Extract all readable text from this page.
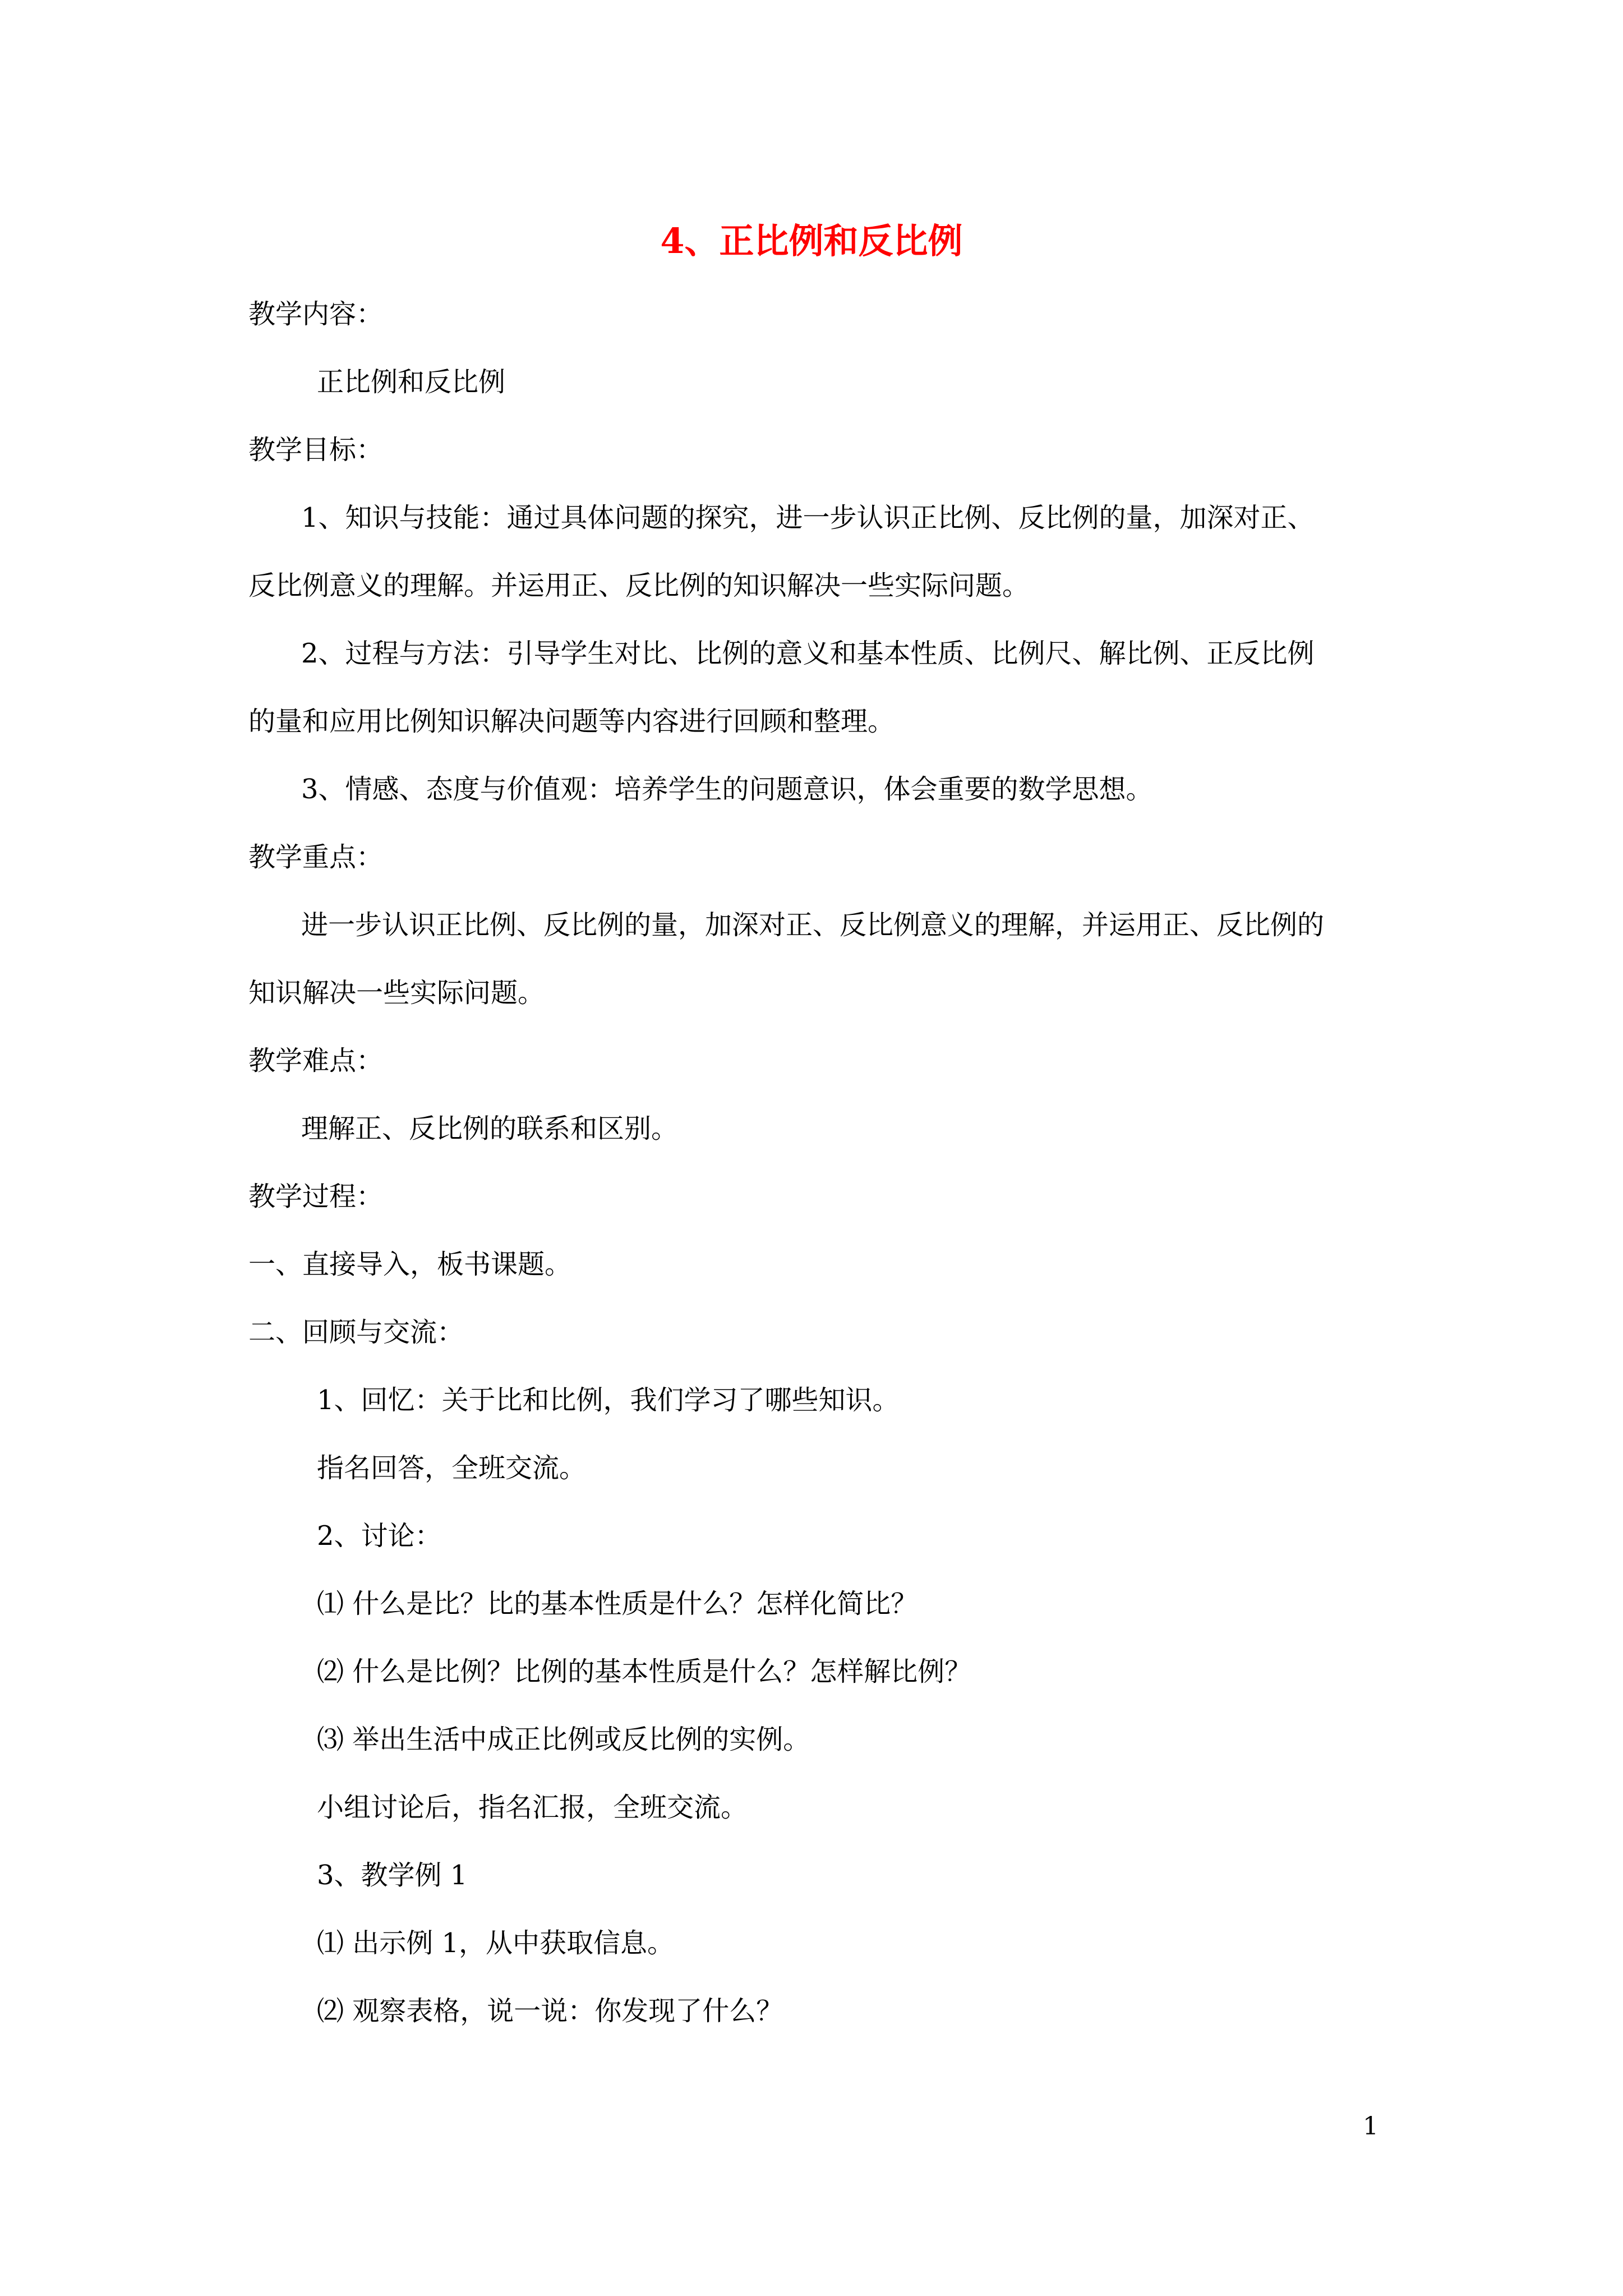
4、正比例和反比例
教学内容：
正比例和反比例
教学目标：
1、知识与技能：通过具体问题的探究，进一步认识正比例、反比例的量，加深对正、
反比例意义的理解。并运用正、反比例的知识解决一些实际问题。
2、过程与方法：引导学生对比、比例的意义和基本性质、比例尺、解比例、正反比例
的量和应用比例知识解决问题等内容进行回顾和整理。
3、情感、态度与价值观：培养学生的问题意识，体会重要的数学思想。
教学重点：
进一步认识正比例、反比例的量，加深对正、反比例意义的理解，并运用正、反比例的
知识解决一些实际问题。
教学难点：
理解正、反比例的联系和区别。
教学过程：
一、直接导入，板书课题。
二、回顾与交流：
1、回忆：关于比和比例，我们学习了哪些知识。
指名回答，全班交流。
2、讨论：
⑴ 什么是比？比的基本性质是什么？怎样化简比？
⑵ 什么是比例？比例的基本性质是什么？怎样解比例？
⑶ 举出生活中成正比例或反比例的实例。
小组讨论后，指名汇报，全班交流。
3、教学例 1
⑴ 出示例 1，从中获取信息。
⑵ 观察表格，说一说：你发现了什么？
1
